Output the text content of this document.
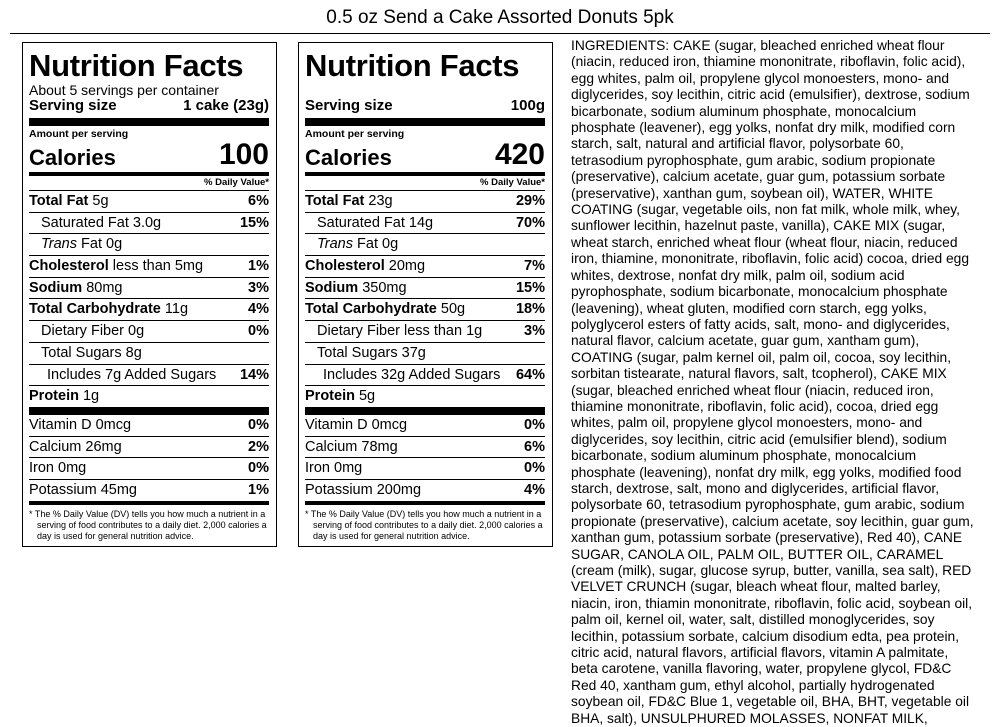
0.5 oz Send a Cake Assorted Donuts 5pk
Nutrition Facts
About 5 servings per container
Serving size	1 cake (23g)
Amount per serving
Calories	100
% Daily Value*
Total Fat 5g	6%
Saturated Fat 3.0g	15%
Trans Fat 0g
Cholesterol less than 5mg	1%
Sodium 80mg	3%
Total Carbohydrate 11g	4%
Dietary Fiber 0g	0%
Total Sugars 8g
Includes 7g Added Sugars 14%
Protein 1g
Vitamin D 0mcg	0%
Calcium 26mg	2%
Iron 0mg	0%
Potassium 45mg	1%
* The % Daily Value (DV) tells you how much a nutrient in a serving of food contributes to a daily diet. 2,000 calories a day is used for general nutrition advice.
Nutrition Facts
Serving size	100g
Amount per serving
Calories	420
% Daily Value*
Total Fat 23g	29%
Saturated Fat 14g	70%
Trans Fat 0g
Cholesterol 20mg	7%
Sodium 350mg	15%
Total Carbohydrate 50g	18%
Dietary Fiber less than 1g	3%
Total Sugars 37g
Includes 32g Added Sugars 64%
Protein 5g
Vitamin D 0mcg	0%
Calcium 78mg	6%
Iron 0mg	0%
Potassium 200mg	4%
* The % Daily Value (DV) tells you how much a nutrient in a serving of food contributes to a daily diet. 2,000 calories a day is used for general nutrition advice.
INGREDIENTS: CAKE (sugar, bleached enriched wheat flour (niacin, reduced iron, thiamine mononitrate, riboflavin, folic acid), egg whites, palm oil, propylene glycol monoesters, mono- and diglycerides, soy lecithin, citric acid (emulsifier), dextrose, sodium bicarbonate, sodium aluminum phosphate, monocalcium phosphate (leavener), egg yolks, nonfat dry milk, modified corn starch, salt, natural and artificial flavor, polysorbate 60, tetrasodium pyrophosphate, gum arabic, sodium propionate (preservative), calcium acetate, guar gum, potassium sorbate (preservative), xanthan gum, soybean oil), WATER, WHITE COATING (sugar, vegetable oils, non fat milk, whole milk, whey, sunflower lecithin, hazelnut paste, vanilla), CAKE MIX (sugar, wheat starch, enriched wheat flour (wheat flour, niacin, reduced iron, thiamine, mononitrate, riboflavin, folic acid) cocoa, dried egg whites, dextrose, nonfat dry milk, palm oil, sodium acid pyrophosphate, sodium bicarbonate, monocalcium phosphate (leavening), wheat gluten, modified corn starch, egg yolks, polyglycerol esters of fatty acids, salt, mono- and diglycerides, natural flavor, calcium acetate, guar gum, xantham gum), COATING (sugar, palm kernel oil, palm oil, cocoa, soy lecithin, sorbitan tistearate, natural flavors, salt, tcopherol), CAKE MIX (sugar, bleached enriched wheat flour (niacin, reduced iron, thiamine mononitrate, riboflavin, folic acid), cocoa, dried egg whites, palm oil, propylene glycol monoesters, mono- and diglycerides, soy lecithin, citric acid (emulsifier blend), sodium bicarbonate, sodium aluminum phosphate, monocalcium phosphate (leavening), nonfat dry milk, egg yolks, modified food starch, dextrose, salt, mono and diglycerides, artificial flavor, polysorbate 60, tetrasodium pyrophosphate, gum arabic, sodium propionate (preservative), calcium acetate, soy lecithin, guar gum, xanthan gum, potassium sorbate (preservative), Red 40), CANE SUGAR, CANOLA OIL, PALM OIL, BUTTER OIL, CARAMEL (cream (milk), sugar, glucose syrup, butter, vanilla, sea salt), RED VELVET CRUNCH (sugar, bleach wheat flour, malted barley, niacin, iron, thiamin mononitrate, riboflavin, folic acid, soybean oil, palm oil, kernel oil, water, salt, distilled monoglycerides, soy lecithin, potassium sorbate, calcium disodium edta, pea protein, citric acid, natural flavors, artificial flavors, vitamin A palmitate, beta carotene, vanilla flavoring, water, propylene glycol, FD&C Red 40, xantham gum, ethyl alcohol, partially hydrogenated soybean oil, FD&C Blue 1, vegetable oil, BHA, BHT, vegetable oil BHA, salt), UNSULPHURED MOLASSES, NONFAT MILK,
